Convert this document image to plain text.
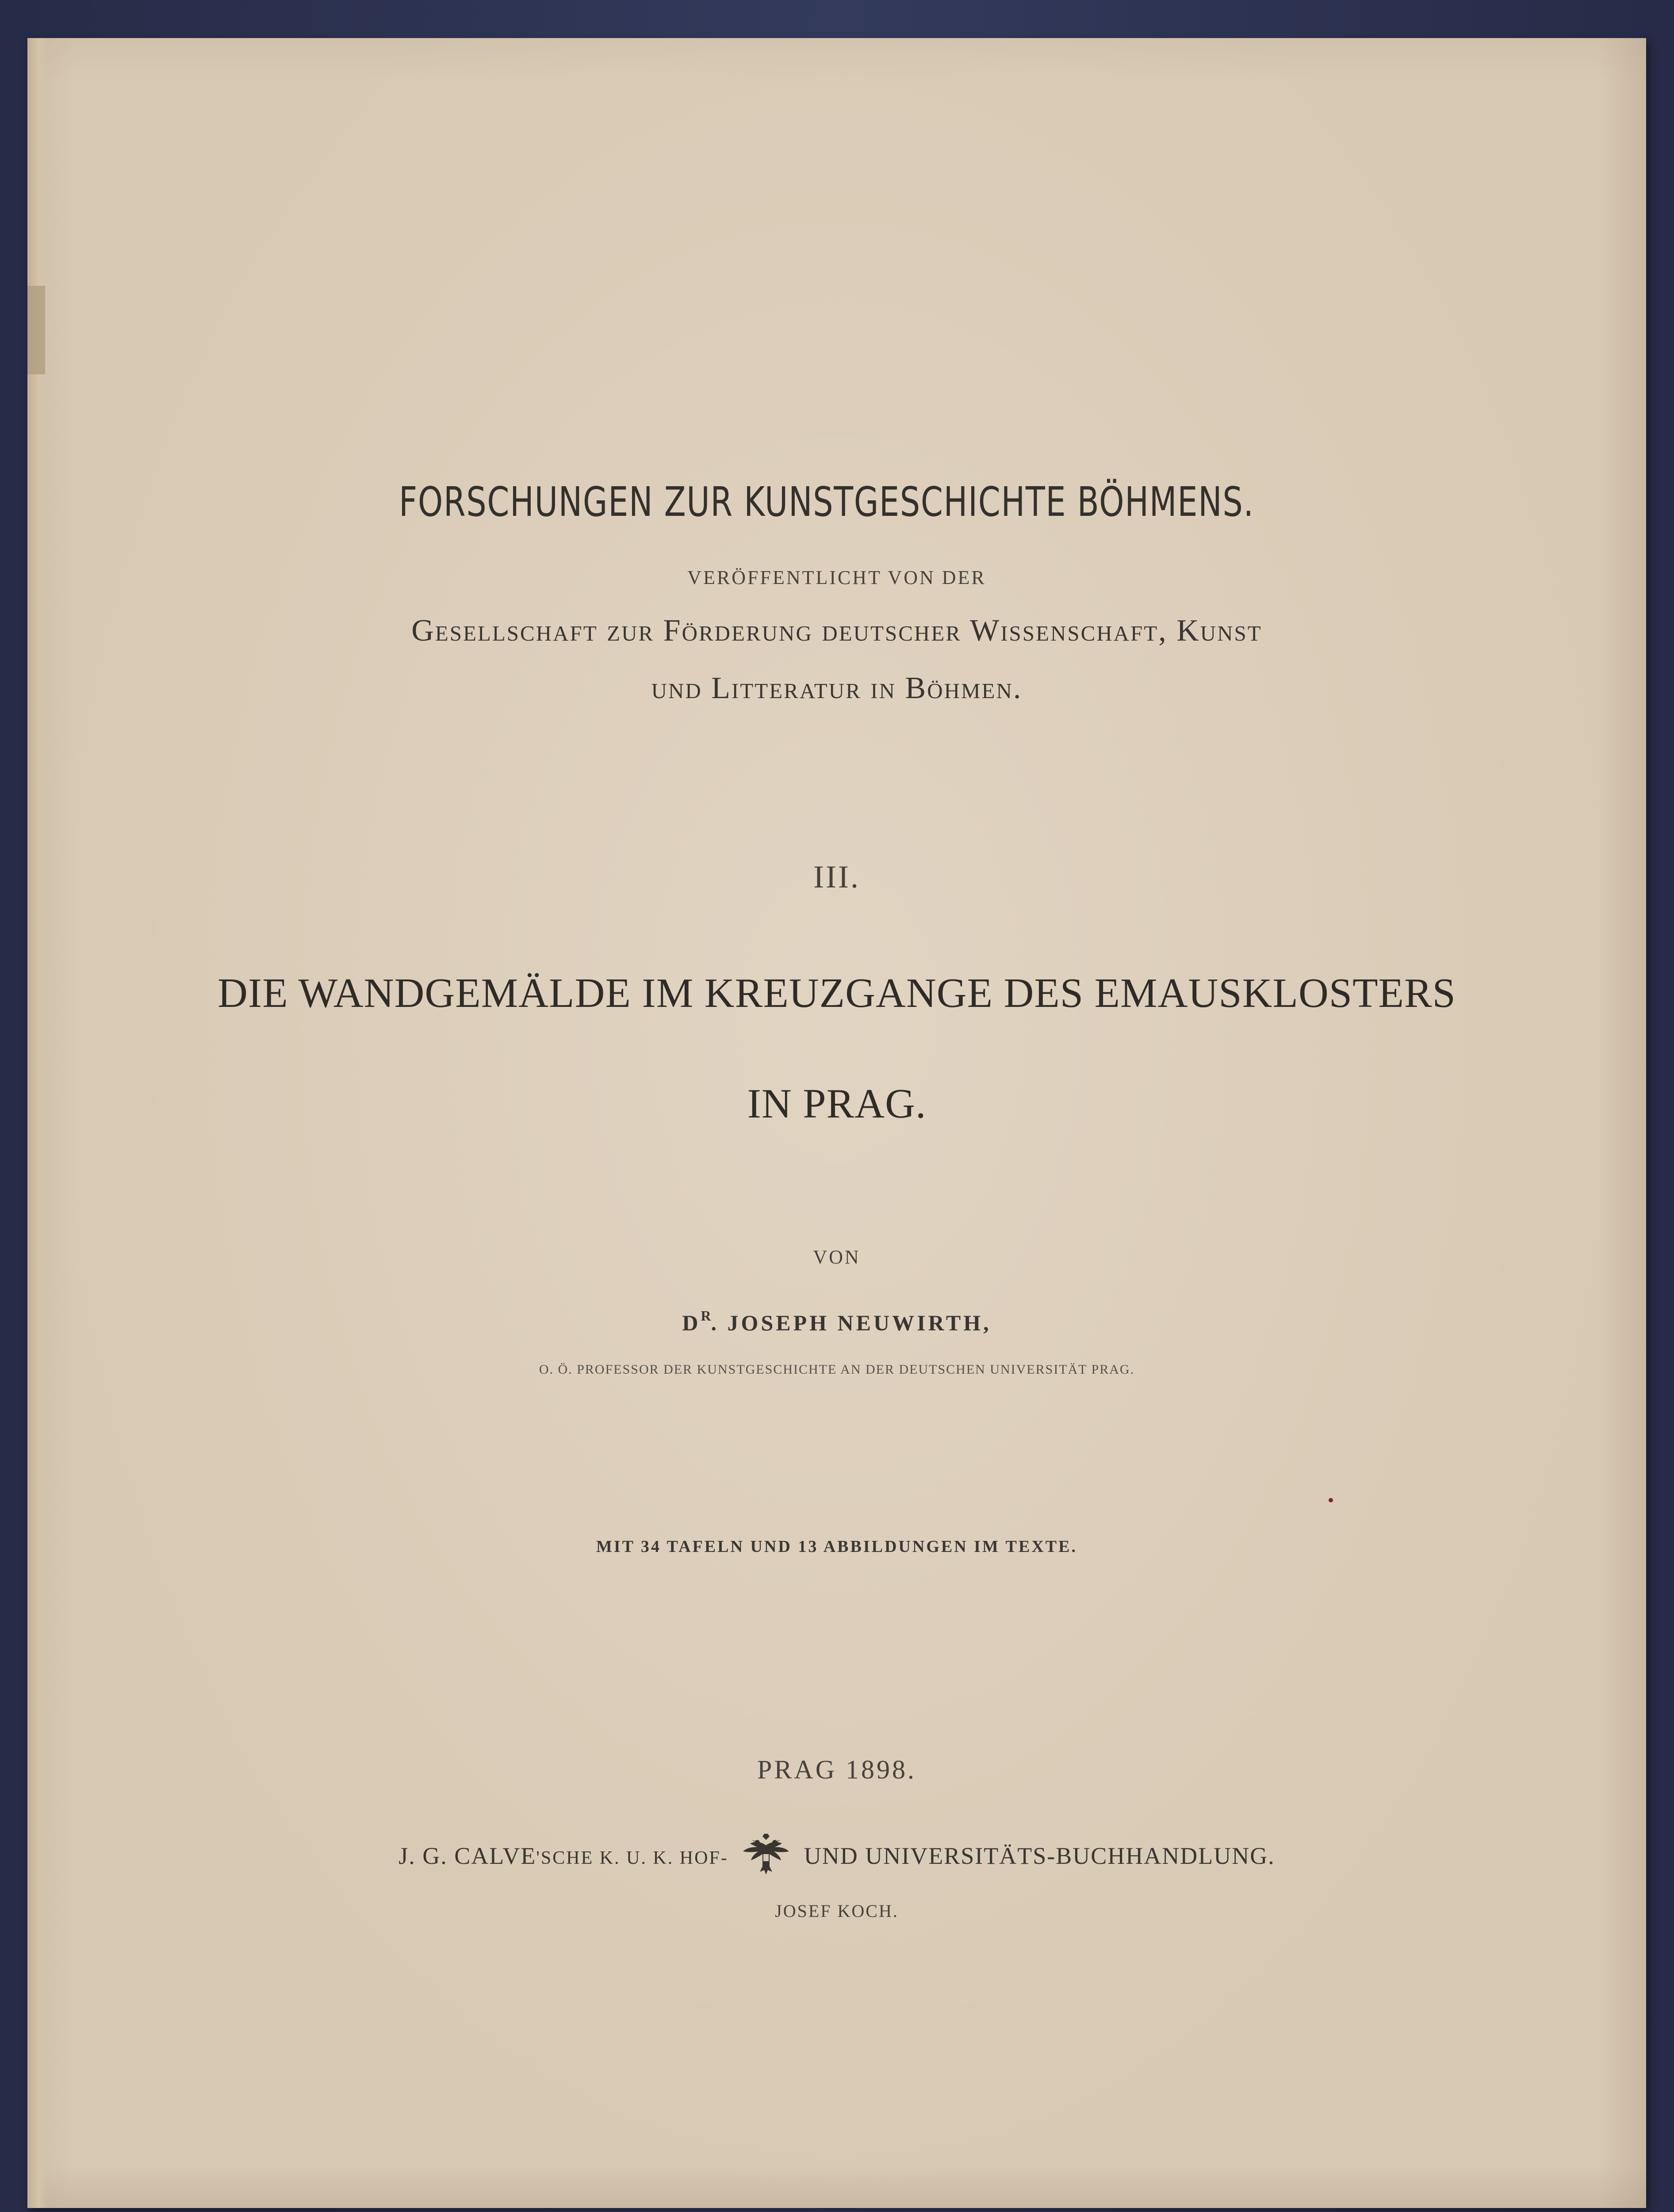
FORSCHUNGEN ZUR KUNSTGESCHICHTE BÖHMENS.
VERÖFFENTLICHT VON DER
Gesellschaft zur Förderung deutscher Wissenschaft, Kunst
und Litteratur in Böhmen.
III.
DIE WANDGEMÄLDE IM KREUZGANGE DES EMAUSKLOSTERS
IN PRAG.
VON
$D^R$. JOSEPH NEUWIRTH,
O. Ö. PROFESSOR DER KUNSTGESCHICHTE AN DER DEUTSCHEN UNIVERSITÄT PRAG.
MIT 34 TAFELN UND 13 ABBILDUNGEN IM TEXTE.
PRAG 1898.
J. G. CALVE'SCHE K. U. K. HOF-	UND UNIVERSITÄTS-BUCHHANDLUNG.
JOSEF KOCH.
